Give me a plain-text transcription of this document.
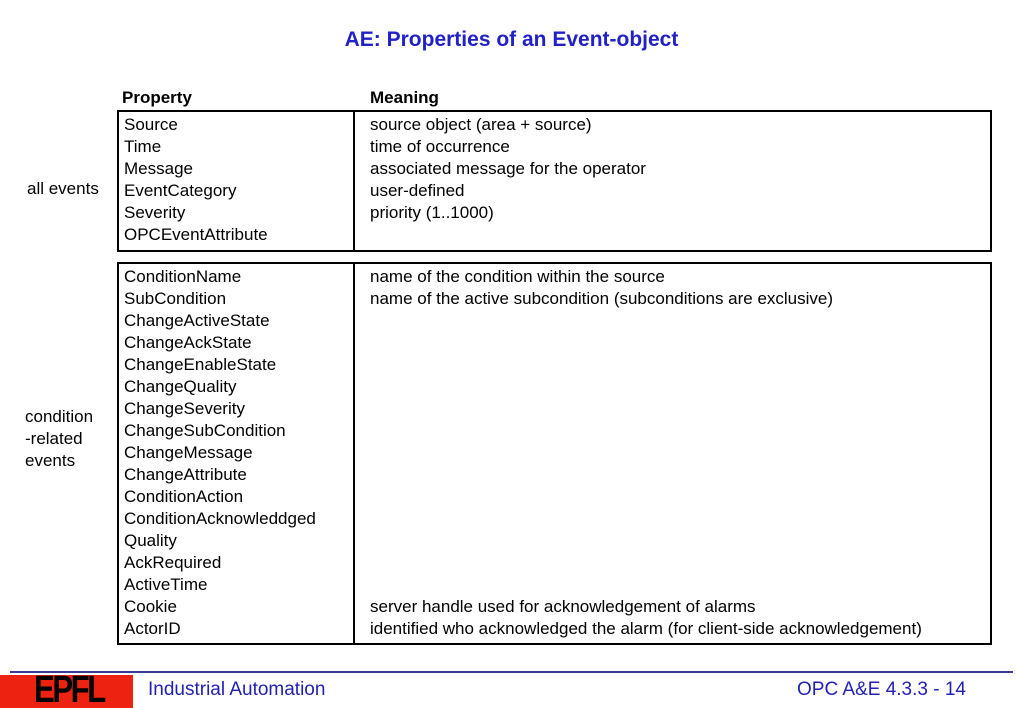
AE: Properties of an Event-object
Property	Meaning
Source
Time
Message
EventCategory
Severity
OPCEventAttribute
source object (area + source)
time of occurrence
associated message for the operator
user-defined
priority (1..1000)
ConditionName
SubCondition
ChangeActiveState
ChangeAckState
ChangeEnableState
ChangeQuality
ChangeSeverity
ChangeSubCondition
ChangeMessage
ChangeAttribute
ConditionAction
ConditionAcknowleddged
Quality
AckRequired
ActiveTime
Cookie
ActorID
name of the condition within the source
name of the active subcondition (subconditions are exclusive)
server handle used for acknowledgement of alarms
identified who acknowledged the alarm (for client-side acknowledgement)
all events
condition
-related
events
EPFL Industrial Automation	OPC A&E 4.3.3 - 14
